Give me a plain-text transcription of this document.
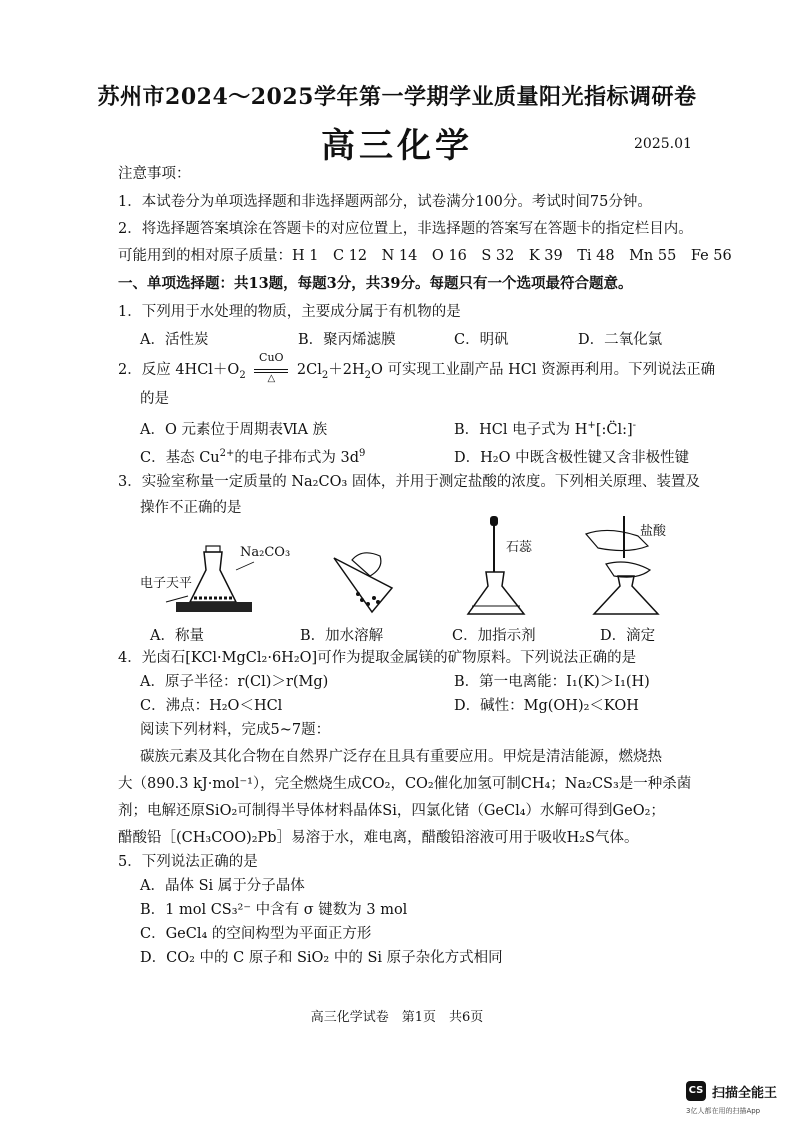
苏州市2024～2025学年第一学期学业质量阳光指标调研卷
高三化学	2025.01
注意事项：
1．本试卷分为单项选择题和非选择题两部分，试卷满分100分。考试时间75分钟。
2．将选择题答案填涂在答题卡的对应位置上，非选择题的答案写在答题卡的指定栏目内。
可能用到的相对原子质量：H 1　C 12　N 14　O 16　S 32　K 39　Ti 48　Mn 55　Fe 56
一、单项选择题：共13题，每题3分，共39分。每题只有一个选项最符合题意。
1．下列用于水处理的物质，主要成分属于有机物的是
A．活性炭	B．聚丙烯滤膜	C．明矾	D．二氧化氯
2．反应 $4HCl+O_2$
CuO
△
$2Cl_2+2H_2O$ 可实现工业副产品 HCl 资源再利用。下列说法正确
的是
A．O 元素位于周期表ⅥA 族	B．HCl 电子式为 H+[:C̈l:]-
C．基态 $Cu^{2+}$的电子排布式为 $3d^9$	D．H₂O 中既含极性键又含非极性键
3．实验室称量一定质量的 Na₂CO₃ 固体，并用于测定盐酸的浓度。下列相关原理、装置及
操作不正确的是
Na₂CO₃
电子天平
石蕊
盐酸
A．称量	B．加水溶解	C．加指示剂	D．滴定
4．光卤石[KCl·MgCl₂·6H₂O]可作为提取金属镁的矿物原料。下列说法正确的是
A．原子半径：r(Cl)＞r(Mg)	B．第一电离能：I₁(K)＞I₁(H)
C．沸点：H₂O＜HCl	D．碱性：Mg(OH)₂＜KOH
阅读下列材料，完成5~7题：
碳族元素及其化合物在自然界广泛存在且具有重要应用。甲烷是清洁能源，燃烧热
大（890.3 kJ·mol⁻¹），完全燃烧生成CO₂，CO₂催化加氢可制CH₄；Na₂CS₃是一种杀菌
剂；电解还原SiO₂可制得半导体材料晶体Si，四氯化锗（GeCl₄）水解可得到GeO₂；
醋酸铅［(CH₃COO)₂Pb］易溶于水，难电离，醋酸铅溶液可用于吸收H₂S气体。
5．下列说法正确的是
A．晶体 Si 属于分子晶体
B．1 mol CS₃²⁻ 中含有 σ 键数为 3 mol
C．GeCl₄ 的空间构型为平面正方形
D．CO₂ 中的 C 原子和 SiO₂ 中的 Si 原子杂化方式相同
高三化学试卷　第1页　共6页
CS 扫描全能王
3亿人都在用的扫描App
